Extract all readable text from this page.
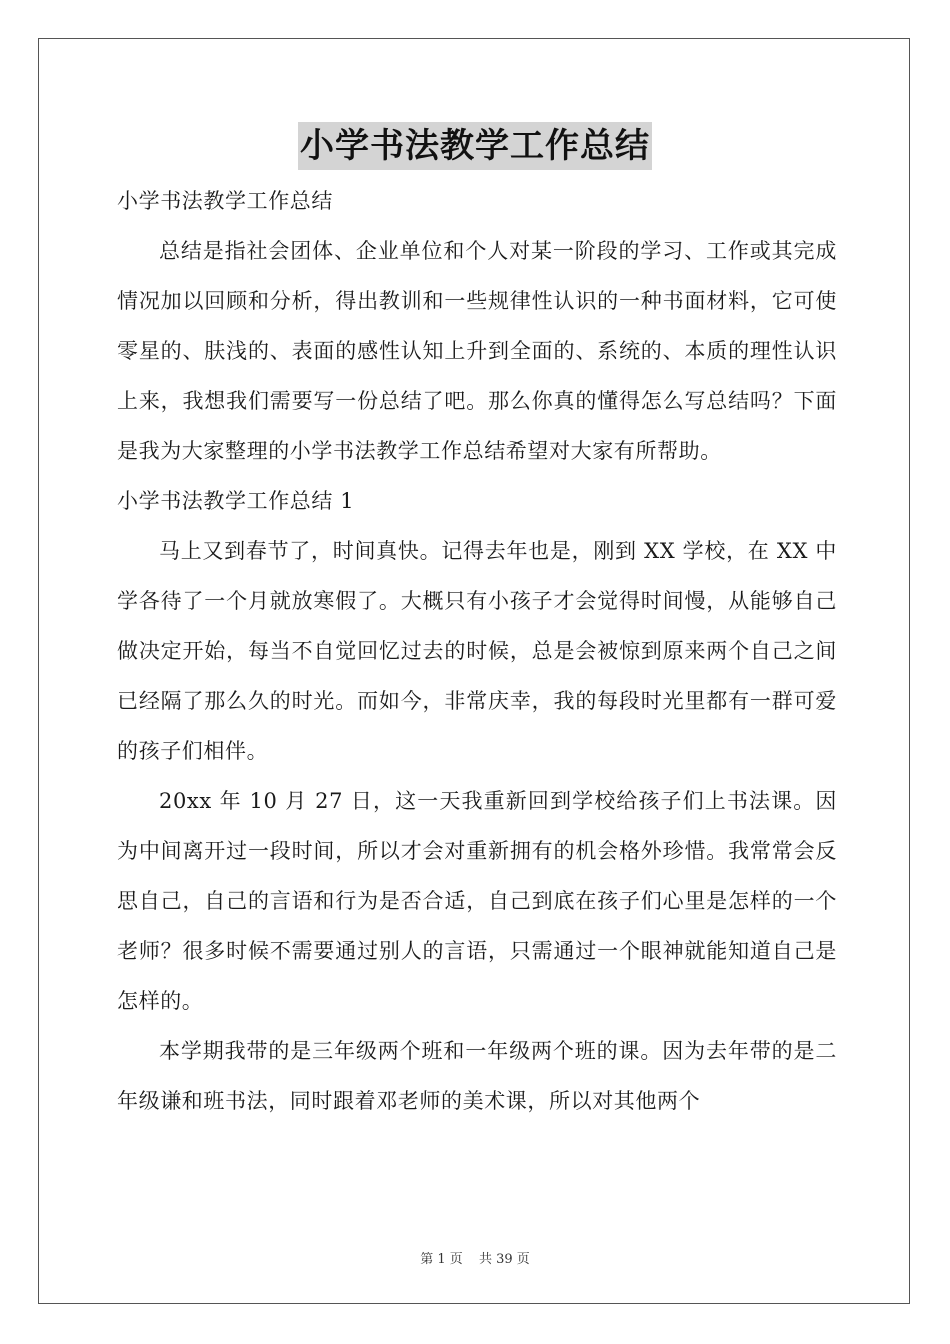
小学书法教学工作总结

小学书法教学工作总结

总结是指社会团体、企业单位和个人对某一阶段的学习、工作或其完成情况加以回顾和分析，得出教训和一些规律性认识的一种书面材料，它可使零星的、肤浅的、表面的感性认知上升到全面的、系统的、本质的理性认识上来，我想我们需要写一份总结了吧。那么你真的懂得怎么写总结吗？下面是我为大家整理的小学书法教学工作总结希望对大家有所帮助。

小学书法教学工作总结 1

马上又到春节了，时间真快。记得去年也是，刚到 XX 学校，在 XX 中学各待了一个月就放寒假了。大概只有小孩子才会觉得时间慢，从能够自己做决定开始，每当不自觉回忆过去的时候，总是会被惊到原来两个自己之间已经隔了那么久的时光。而如今，非常庆幸，我的每段时光里都有一群可爱的孩子们相伴。

20xx 年 10 月 27 日，这一天我重新回到学校给孩子们上书法课。因为中间离开过一段时间，所以才会对重新拥有的机会格外珍惜。我常常会反思自己，自己的言语和行为是否合适，自己到底在孩子们心里是怎样的一个老师？很多时候不需要通过别人的言语，只需通过一个眼神就能知道自己是怎样的。

本学期我带的是三年级两个班和一年级两个班的课。因为去年带的是二年级谦和班书法，同时跟着邓老师的美术课，所以对其他两个

第 1 页 共 39 页
